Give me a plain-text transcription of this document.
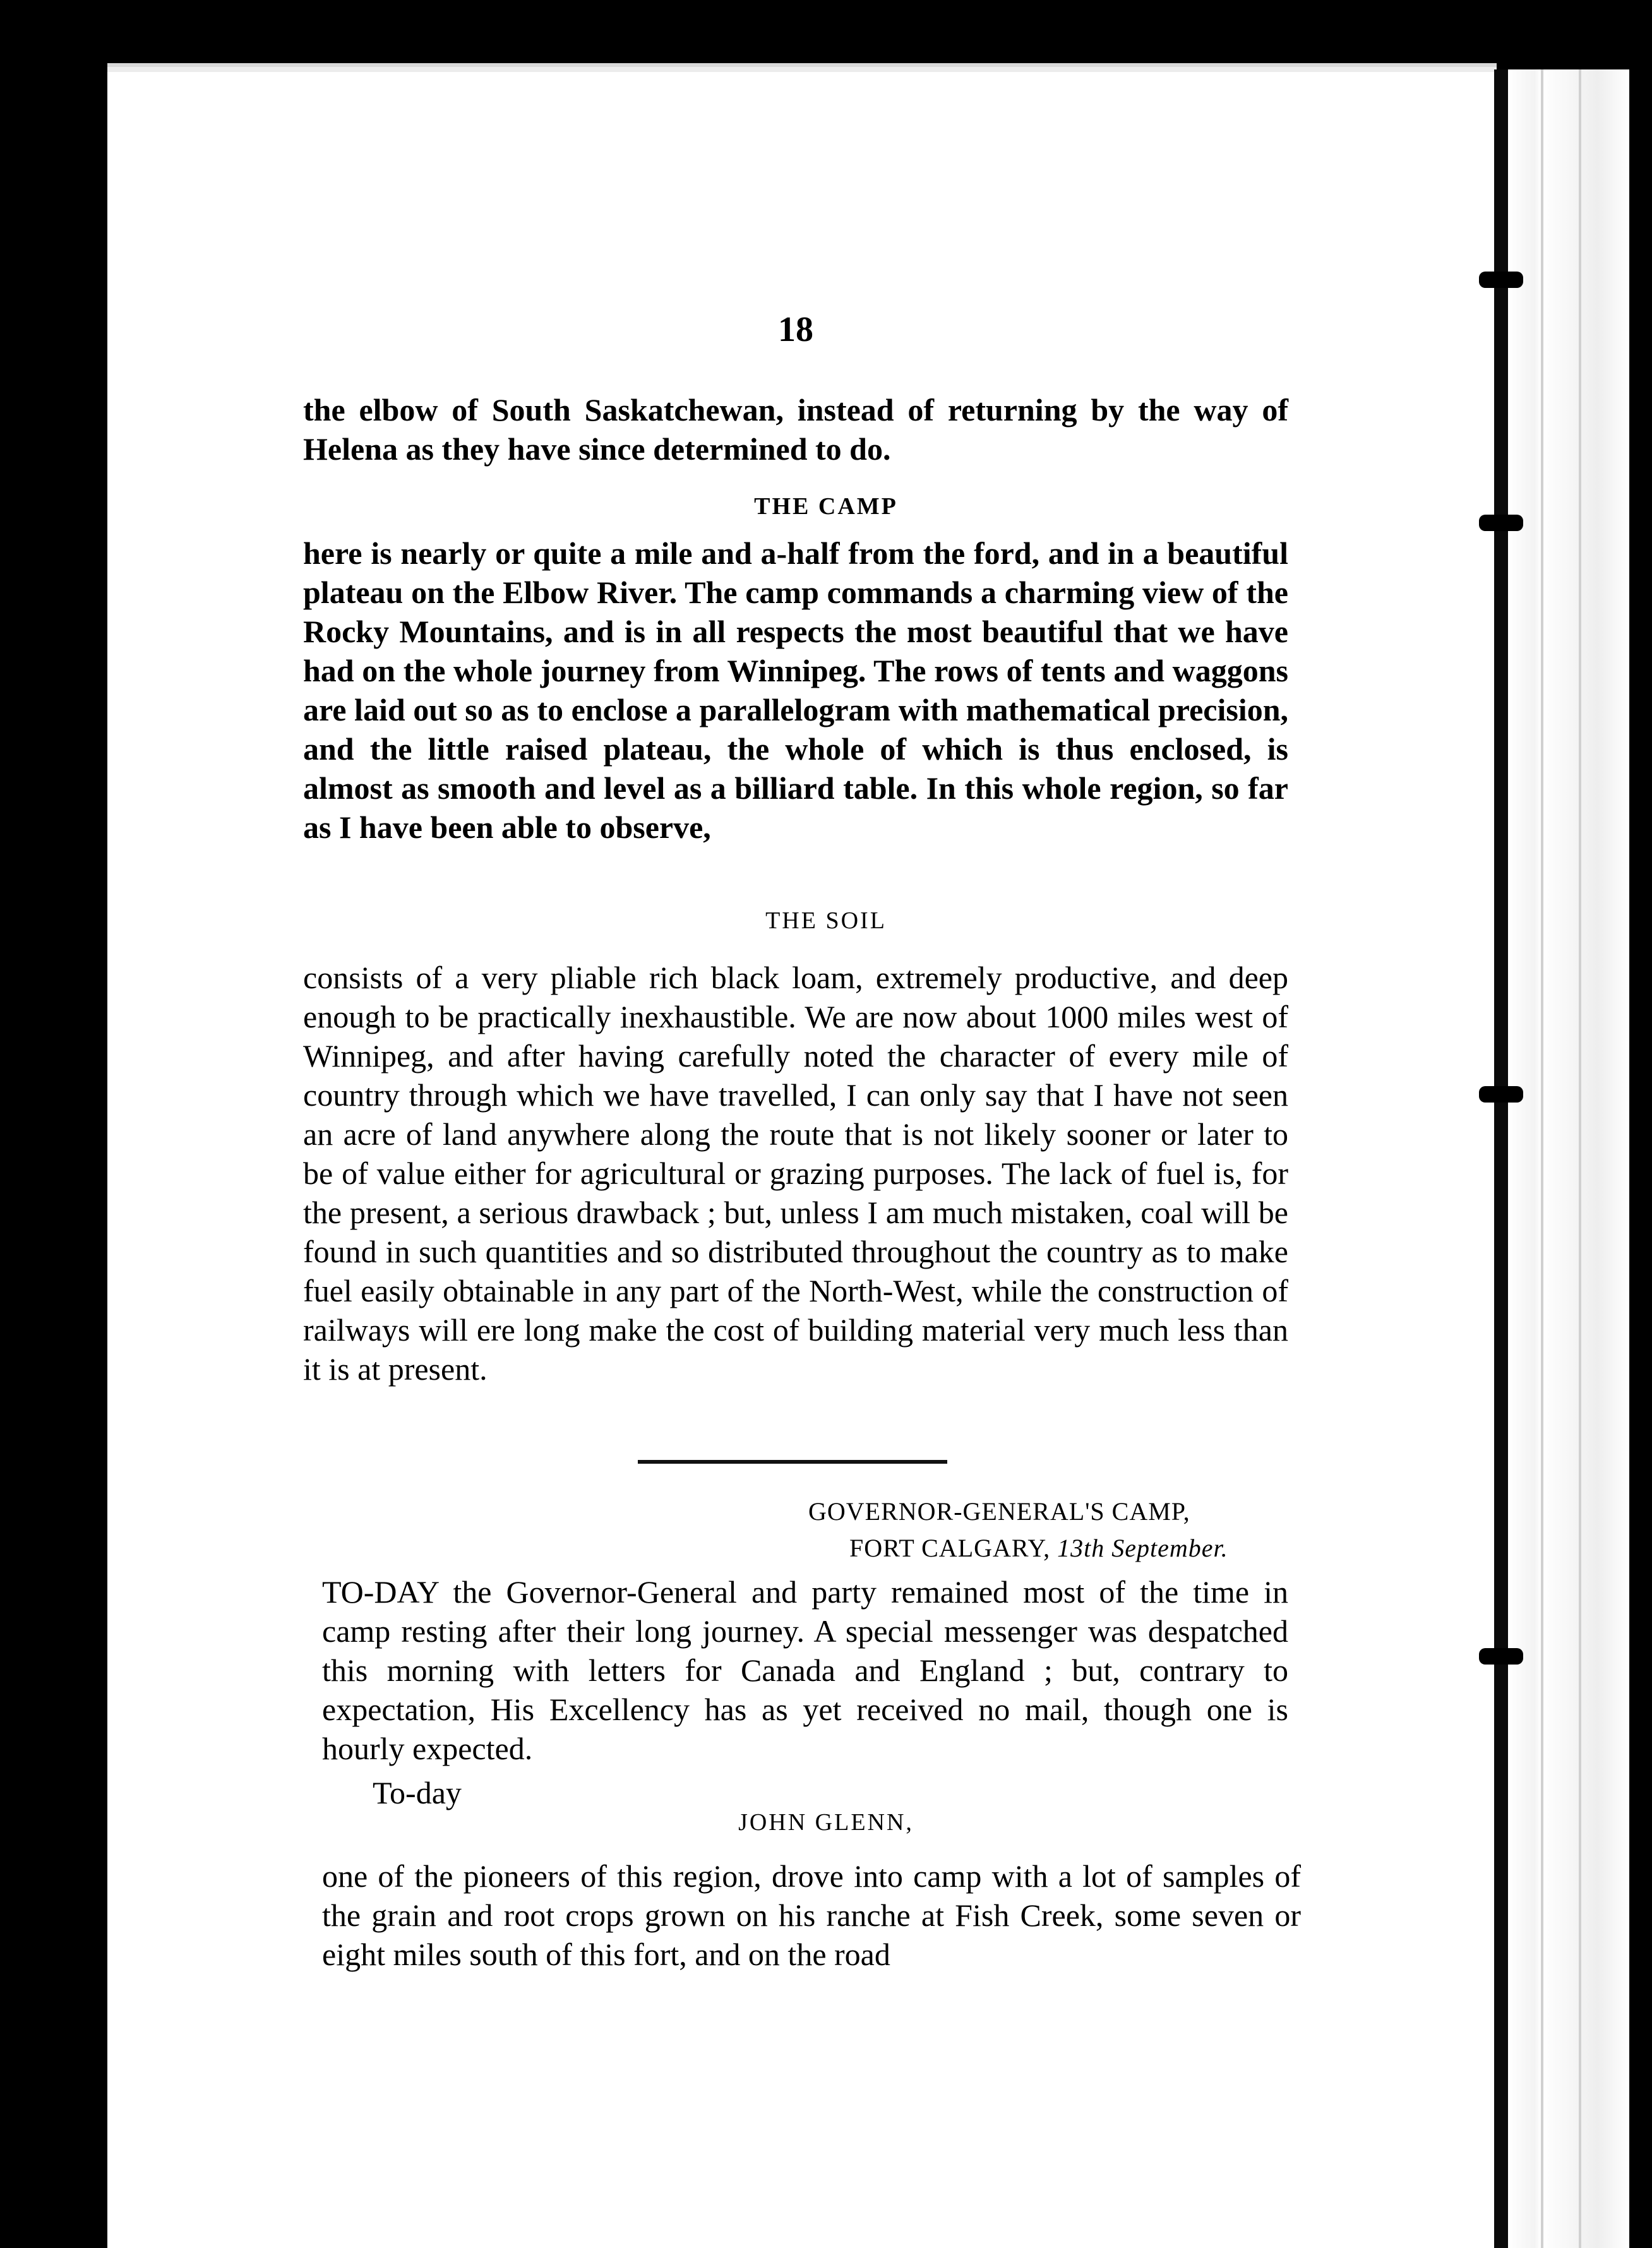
18
the elbow of South Saskatchewan, instead of returning by the way of Helena as they have since determined to do.
THE CAMP
here is nearly or quite a mile and a-half from the ford, and in a beautiful plateau on the Elbow River. The camp commands a charming view of the Rocky Mountains, and is in all respects the most beautiful that we have had on the whole journey from Winnipeg. The rows of tents and waggons are laid out so as to enclose a parallelogram with mathematical precision, and the little raised plateau, the whole of which is thus enclosed, is almost as smooth and level as a billiard table. In this whole region, so far as I have been able to observe,
THE SOIL
consists of a very pliable rich black loam, extremely productive, and deep enough to be practically inexhaustible. We are now about 1000 miles west of Winnipeg, and after having carefully noted the character of every mile of country through which we have travelled, I can only say that I have not seen an acre of land anywhere along the route that is not likely sooner or later to be of value either for agricultural or grazing purposes. The lack of fuel is, for the present, a serious drawback ; but, unless I am much mistaken, coal will be found in such quantities and so distributed throughout the country as to make fuel easily obtainable in any part of the North-West, while the construction of railways will ere long make the cost of building material very much less than it is at present.
GOVERNOR-GENERAL'S CAMP,
FORT CALGARY, 13th September.
TO-DAY the Governor-General and party remained most of the time in camp resting after their long journey. A special messenger was despatched this morning with letters for Canada and England ; but, contrary to expectation, His Excellency has as yet received no mail, though one is hourly expected.
To-day
JOHN GLENN,
one of the pioneers of this region, drove into camp with a lot of samples of the grain and root crops grown on his ranche at Fish Creek, some seven or eight miles south of this fort, and on the road
